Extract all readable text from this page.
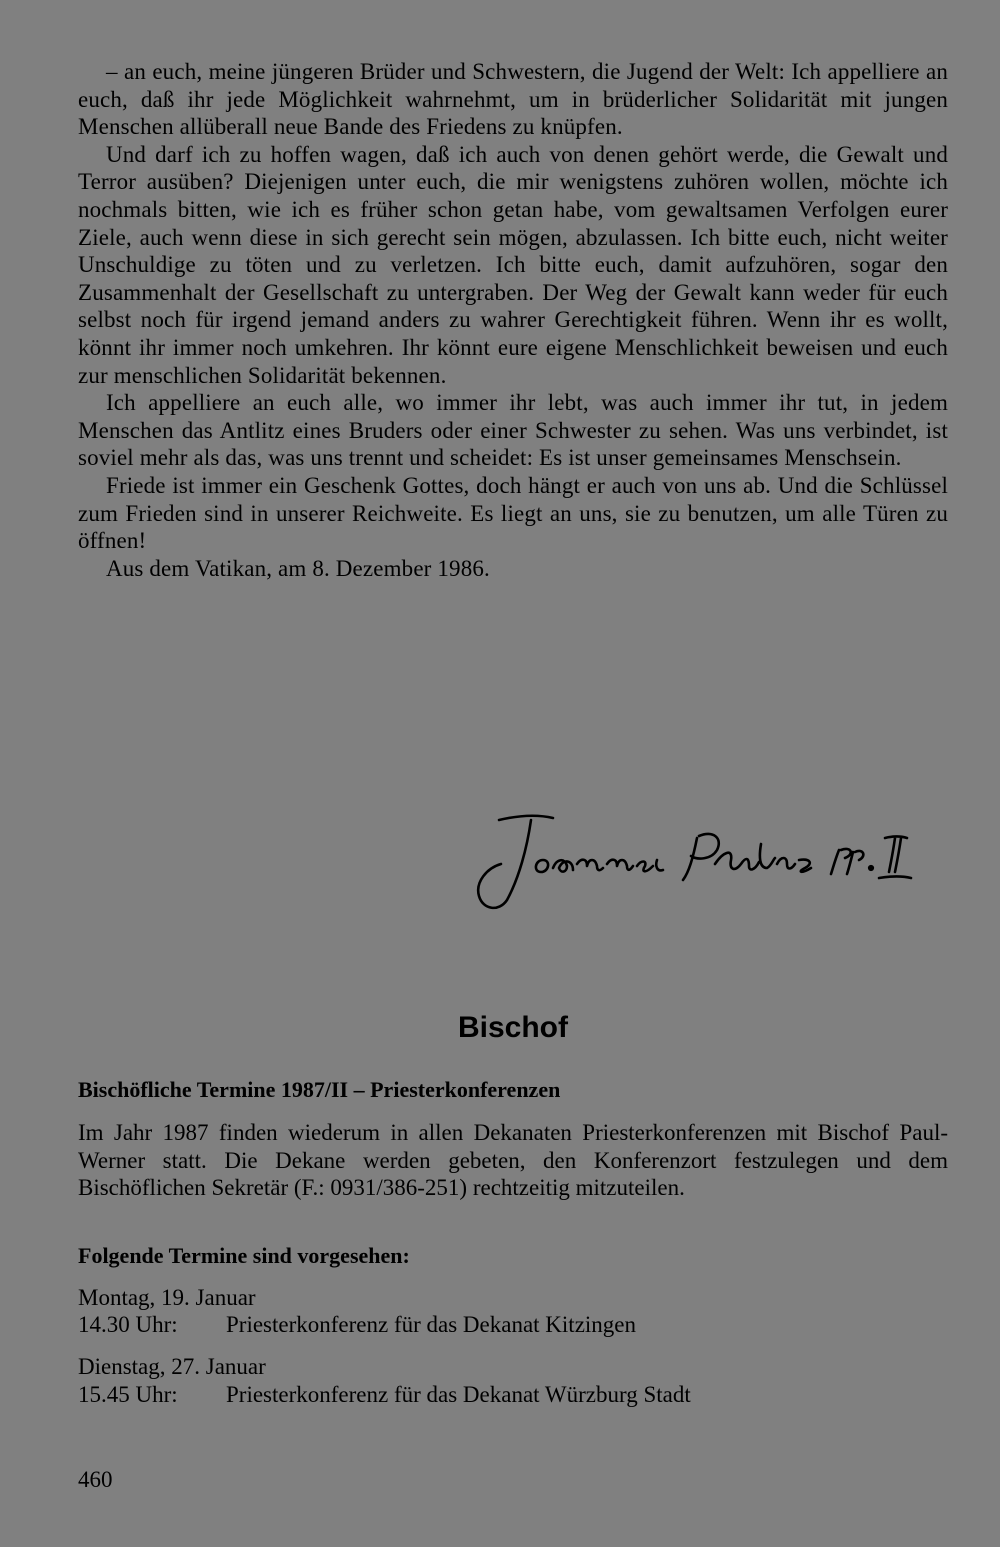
– an euch, meine jüngeren Brüder und Schwestern, die Jugend der Welt: Ich appelliere an euch, daß ihr jede Möglichkeit wahrnehmt, um in brüderlicher Solidarität mit jungen Menschen allüberall neue Bande des Friedens zu knüpfen.

Und darf ich zu hoffen wagen, daß ich auch von denen gehört werde, die Gewalt und Terror ausüben? Diejenigen unter euch, die mir wenigstens zuhören wollen, möchte ich nochmals bitten, wie ich es früher schon getan habe, vom gewaltsamen Verfolgen eurer Ziele, auch wenn diese in sich gerecht sein mögen, abzulassen. Ich bitte euch, nicht weiter Unschuldige zu töten und zu verletzen. Ich bitte euch, damit aufzuhören, sogar den Zusammenhalt der Gesellschaft zu untergraben. Der Weg der Gewalt kann weder für euch selbst noch für irgend jemand anders zu wahrer Gerechtigkeit führen. Wenn ihr es wollt, könnt ihr immer noch umkehren. Ihr könnt eure eigene Menschlichkeit beweisen und euch zur menschlichen Solidarität bekennen.

Ich appelliere an euch alle, wo immer ihr lebt, was auch immer ihr tut, in jedem Menschen das Antlitz eines Bruders oder einer Schwester zu sehen. Was uns verbindet, ist soviel mehr als das, was uns trennt und scheidet: Es ist unser gemeinsames Menschsein.

Friede ist immer ein Geschenk Gottes, doch hängt er auch von uns ab. Und die Schlüssel zum Frieden sind in unserer Reichweite. Es liegt an uns, sie zu benutzen, um alle Türen zu öffnen!

Aus dem Vatikan, am 8. Dezember 1986.

Bischof

Bischöfliche Termine 1987/II – Priesterkonferenzen

Im Jahr 1987 finden wiederum in allen Dekanaten Priesterkonferenzen mit Bischof Paul-Werner statt. Die Dekane werden gebeten, den Konferenzort festzulegen und dem Bischöflichen Sekretär (F.: 0931/386-251) rechtzeitig mitzuteilen.

Folgende Termine sind vorgesehen:

Montag, 19. Januar
14.30 Uhr:	Priesterkonferenz für das Dekanat Kitzingen
Dienstag, 27. Januar
15.45 Uhr:	Priesterkonferenz für das Dekanat Würzburg Stadt

460
